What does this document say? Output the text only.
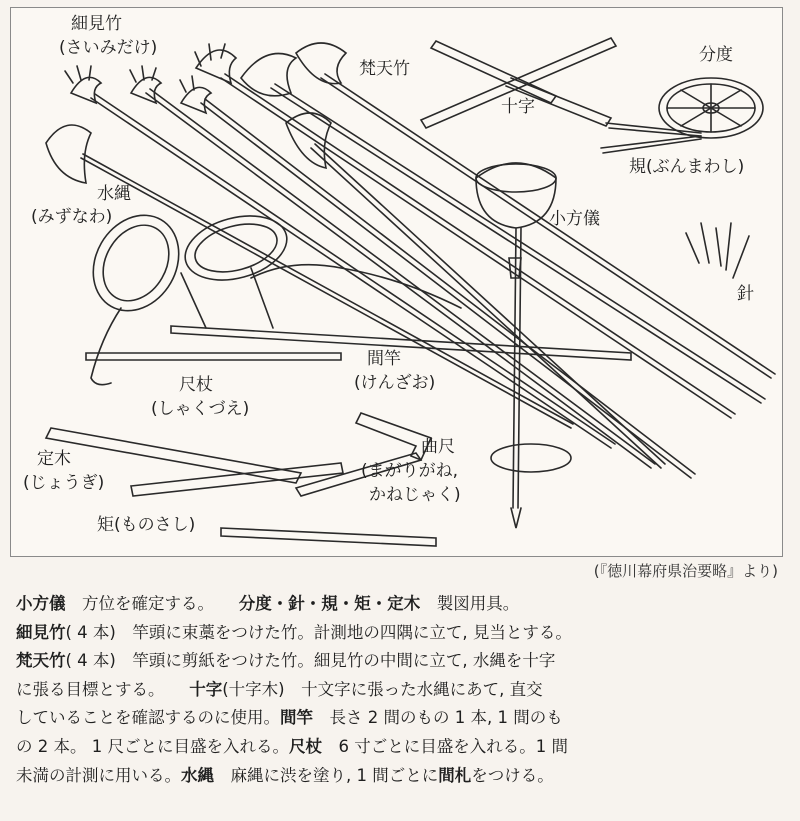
細見竹
(さいみだけ)
梵天竹
十字
分度
規(ぶんまわし)
小方儀
針
水縄
(みずなわ)
間竿
(けんざお)
尺杖
(しゃくづえ)
曲尺
(まがりがね,
かねじゃく)
定木
(じょうぎ)
矩(ものさし)
(『徳川幕府県治要略』より)
小方儀　方位を確定する。　　分度・針・規・矩・定木　製図用具。
細見竹( 4 本)　竿頭に束藁をつけた竹。計測地の四隅に立て, 見当とする。
梵天竹( 4 本)　竿頭に剪紙をつけた竹。細見竹の中間に立て, 水縄を十字
に張る目標とする。　　十字(十字木)　十文字に張った水縄にあて, 直交
していることを確認するのに使用。間竿　長さ 2 間のもの 1 本, 1 間のも
の 2 本。 1 尺ごとに目盛を入れる。尺杖　6 寸ごとに目盛を入れる。1 間
未満の計測に用いる。水縄　麻縄に渋を塗り, 1 間ごとに間札をつける。
